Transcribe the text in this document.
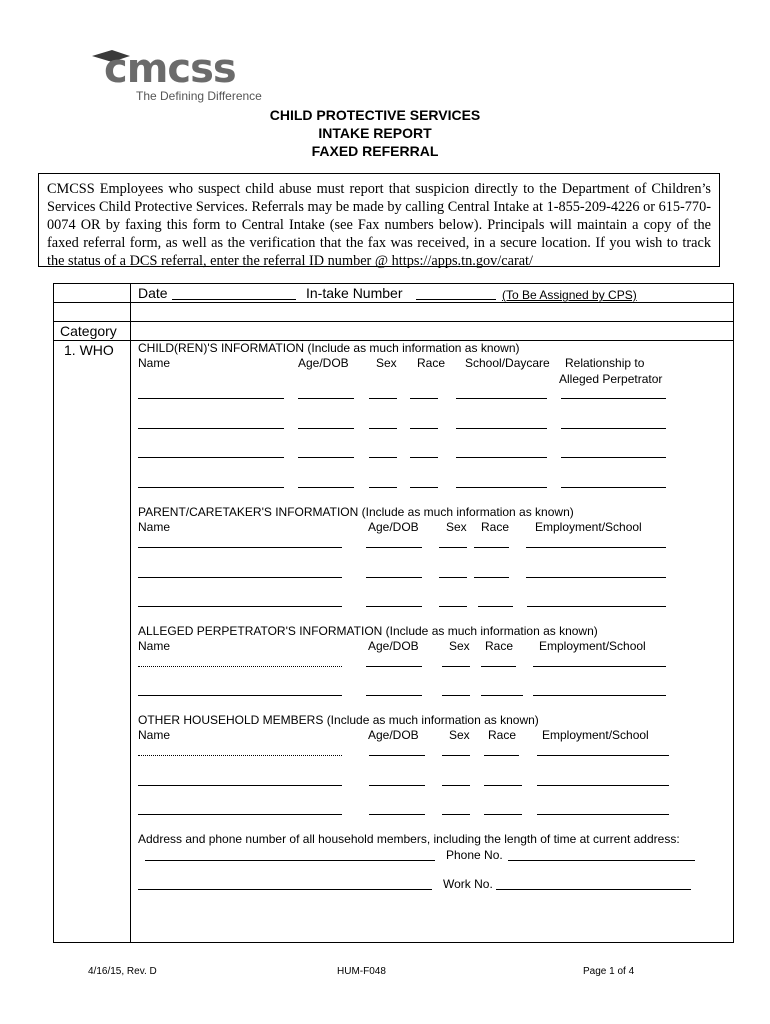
cmcss
The Defining Difference
CHILD PROTECTIVE SERVICES
INTAKE REPORT
FAXED REFERRAL
CMCSS Employees who suspect child abuse must report that suspicion directly to the Department of Children’s Services Child Protective Services. Referrals may be made by calling Central Intake at 1-855-209-4226 or 615-770-0074 OR by faxing this form to Central Intake (see Fax numbers below). Principals will maintain a copy of the faxed referral form, as well as the verification that the fax was received, in a secure location. If you wish to track the status of a DCS referral, enter the referral ID number @ https://apps.tn.gov/carat/
Date	In-take Number	(To Be Assigned by CPS)
Category
1. WHO CHILD(REN)'S INFORMATION (Include as much information as known)
Name	Age/DOB Sex Race School/Daycare Relationship to
Alleged Perpetrator
PARENT/CARETAKER'S INFORMATION (Include as much information as known)
Name	Age/DOB Sex Race Employment/School
ALLEGED PERPETRATOR'S INFORMATION (Include as much information as known)
Name	Age/DOB	Sex Race Employment/School
OTHER HOUSEHOLD MEMBERS (Include as much information as known)
Name	Age/DOB	Sex Race Employment/School
Address and phone number of all household members, including the length of time at current address:
Phone No.
Work No.
4/16/15, Rev. D	HUM-F048	Page 1 of 4
